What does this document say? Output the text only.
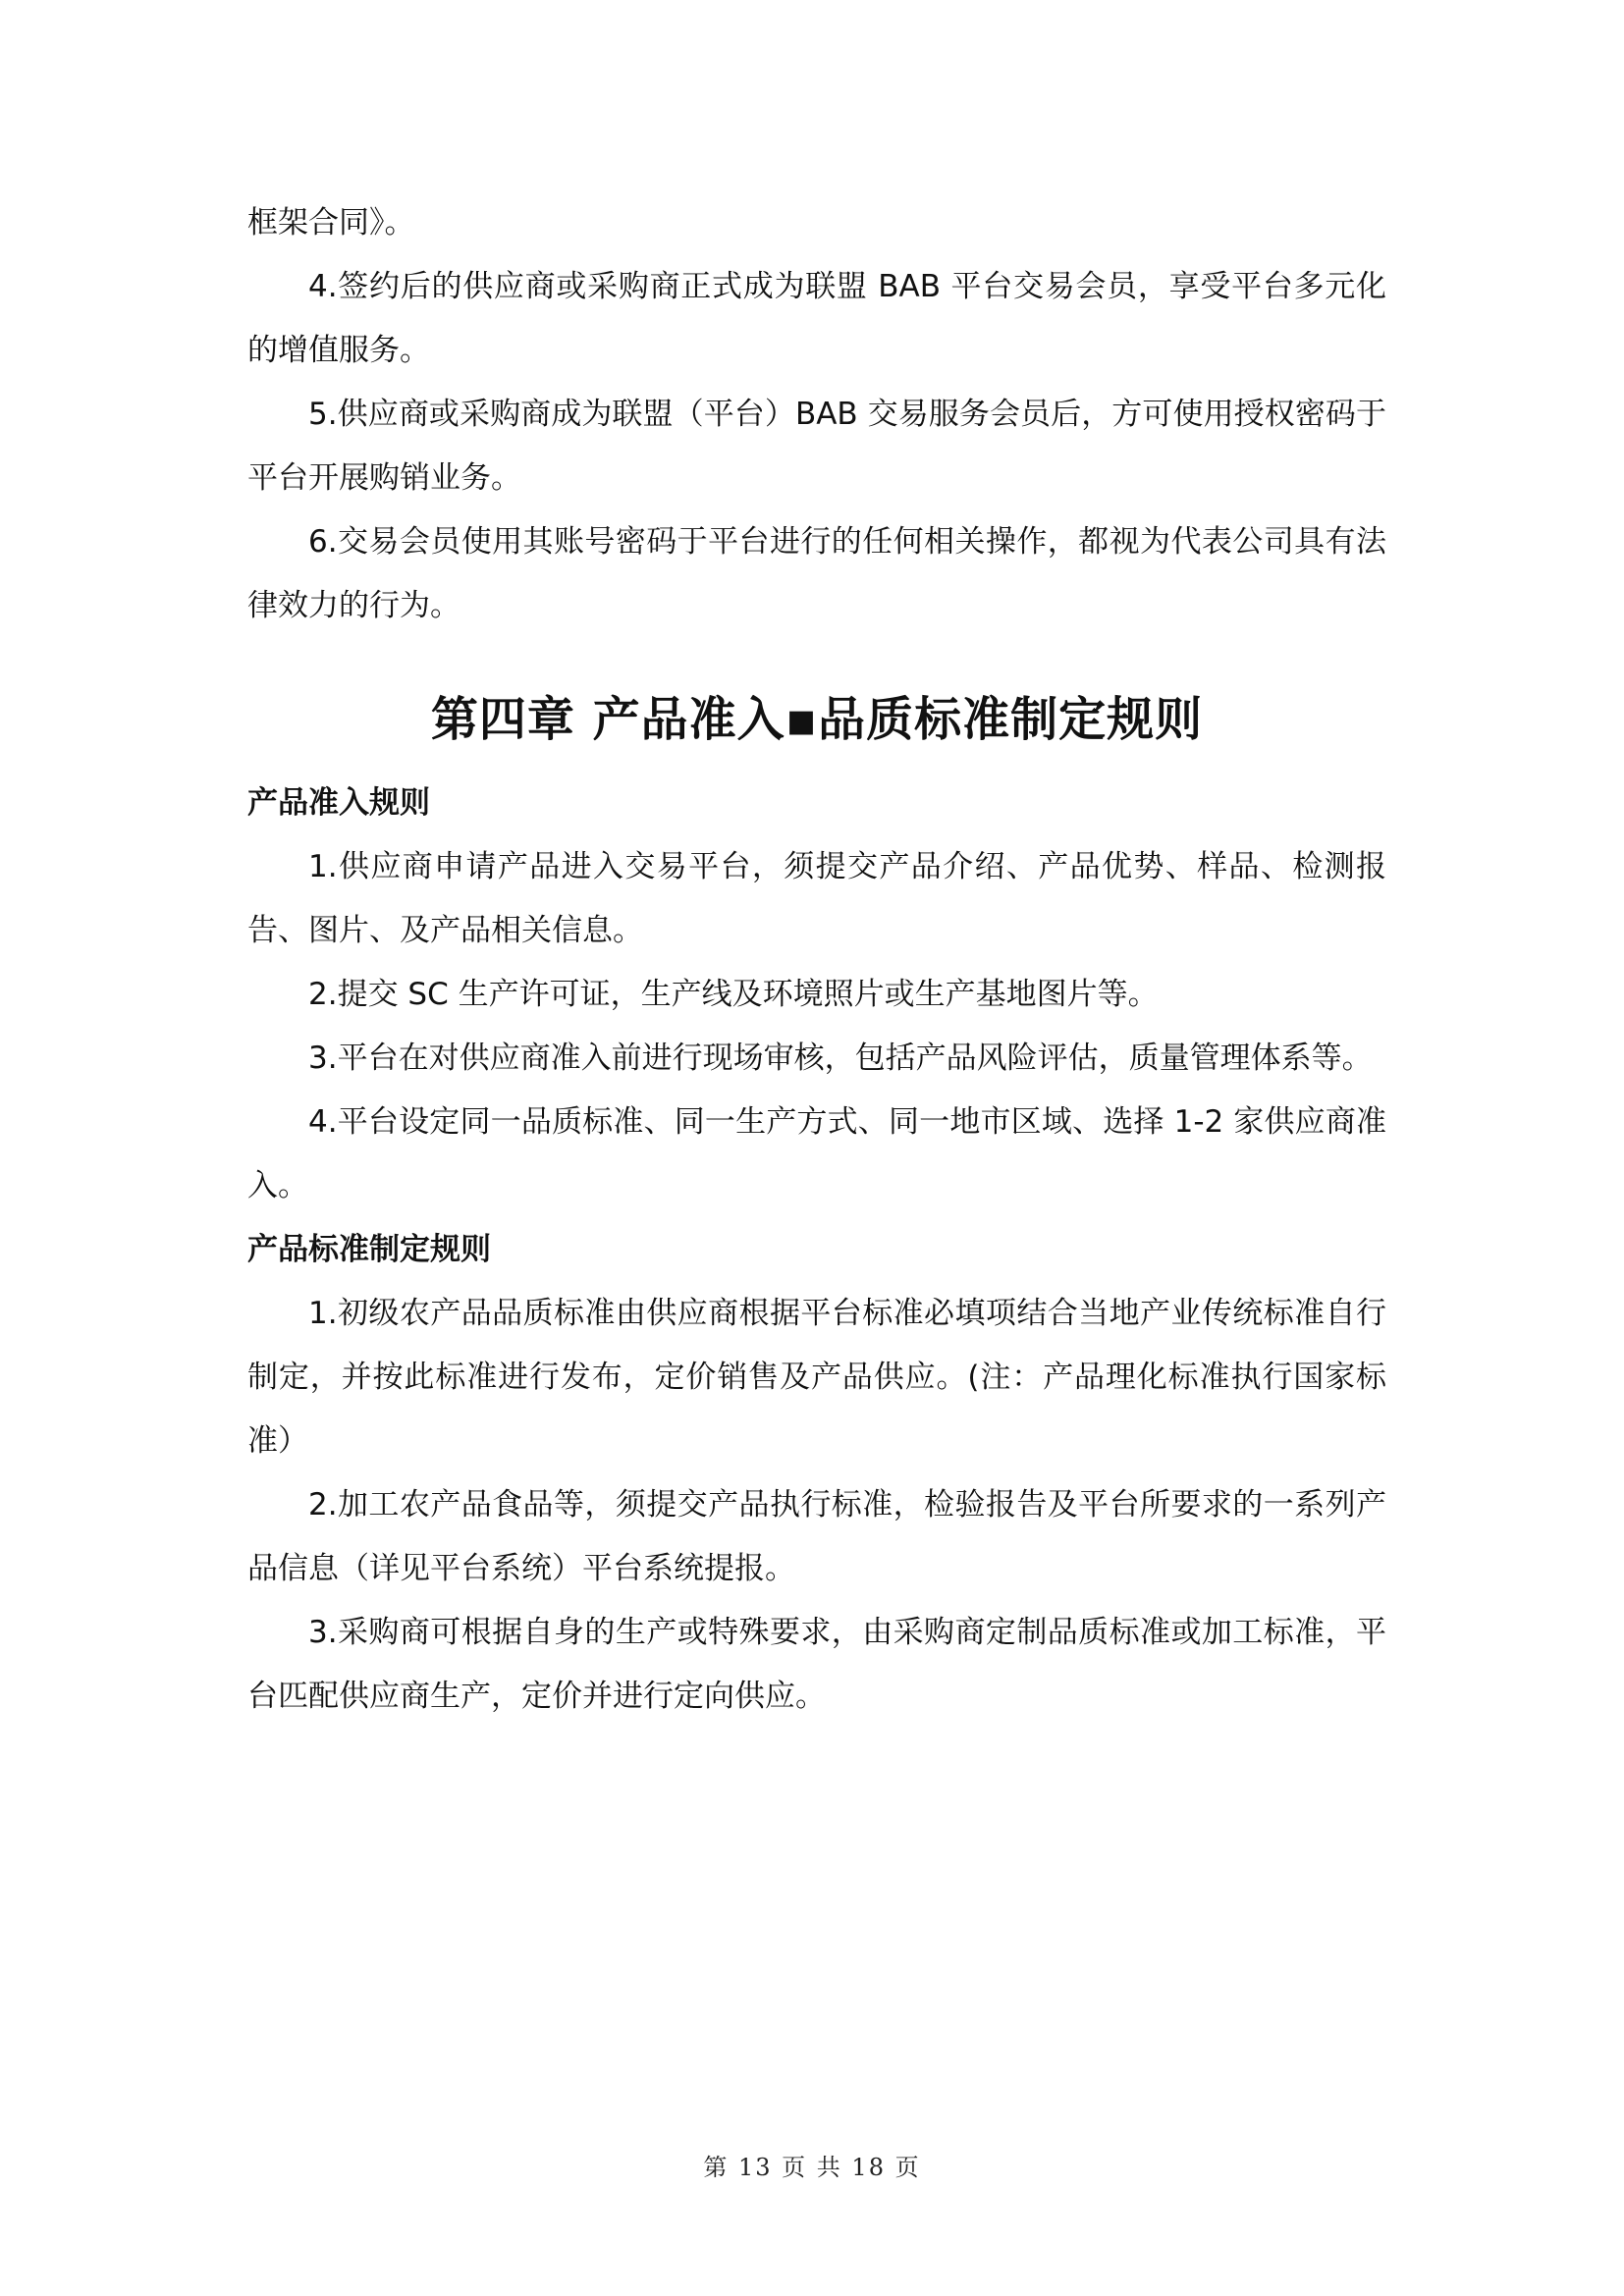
框架合同》。

4.签约后的供应商或采购商正式成为联盟 BAB 平台交易会员，享受平台多元化的增值服务。

5.供应商或采购商成为联盟（平台）BAB 交易服务会员后，方可使用授权密码于平台开展购销业务。

6.交易会员使用其账号密码于平台进行的任何相关操作，都视为代表公司具有法律效力的行为。

第四章 产品准入▪品质标准制定规则
产品准入规则

1.供应商申请产品进入交易平台，须提交产品介绍、产品优势、样品、检测报告、图片、及产品相关信息。

2.提交 SC 生产许可证，生产线及环境照片或生产基地图片等。

3.平台在对供应商准入前进行现场审核，包括产品风险评估，质量管理体系等。

4.平台设定同一品质标准、同一生产方式、同一地市区域、选择 1-2 家供应商准入。

产品标准制定规则

1.初级农产品品质标准由供应商根据平台标准必填项结合当地产业传统标准自行制定，并按此标准进行发布，定价销售及产品供应。(注：产品理化标准执行国家标准）

2.加工农产品食品等，须提交产品执行标准，检验报告及平台所要求的一系列产品信息（详见平台系统）平台系统提报。

3.采购商可根据自身的生产或特殊要求，由采购商定制品质标准或加工标准，平台匹配供应商生产，定价并进行定向供应。

第 13 页 共 18 页
